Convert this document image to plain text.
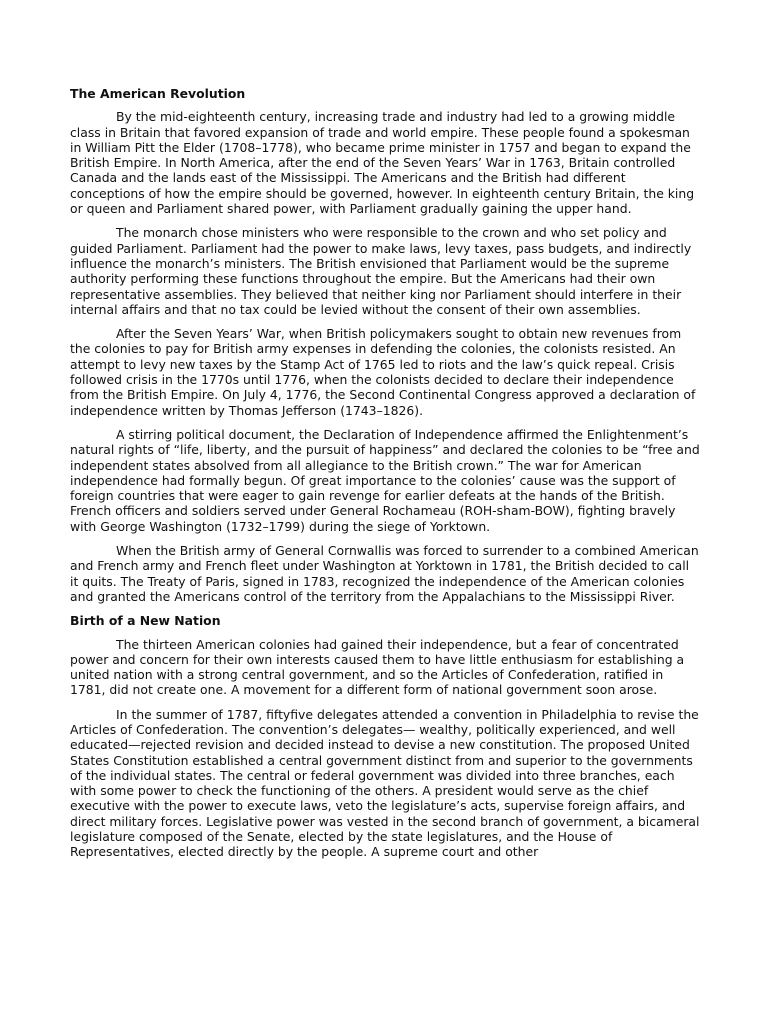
The American Revolution

By the mid-eighteenth century, increasing trade and industry had led to a growing middle class in Britain that favored expansion of trade and world empire. These people found a spokesman in William Pitt the Elder (1708–1778), who became prime minister in 1757 and began to expand the British Empire. In North America, after the end of the Seven Years’ War in 1763, Britain controlled Canada and the lands east of the Mississippi. The Americans and the British had different conceptions of how the empire should be governed, however. In eighteenth century Britain, the king or queen and Parliament shared power, with Parliament gradually gaining the upper hand.

The monarch chose ministers who were responsible to the crown and who set policy and guided Parliament. Parliament had the power to make laws, levy taxes, pass budgets, and indirectly influence the monarch’s ministers. The British envisioned that Parliament would be the supreme authority performing these functions throughout the empire. But the Americans had their own representative assemblies. They believed that neither king nor Parliament should interfere in their internal affairs and that no tax could be levied without the consent of their own assemblies.

After the Seven Years’ War, when British policymakers sought to obtain new revenues from the colonies to pay for British army expenses in defending the colonies, the colonists resisted. An attempt to levy new taxes by the Stamp Act of 1765 led to riots and the law’s quick repeal. Crisis followed crisis in the 1770s until 1776, when the colonists decided to declare their independence from the British Empire. On July 4, 1776, the Second Continental Congress approved a declaration of independence written by Thomas Jefferson (1743–1826).

A stirring political document, the Declaration of Independence affirmed the Enlightenment’s natural rights of “life, liberty, and the pursuit of happiness” and declared the colonies to be “free and independent states absolved from all allegiance to the British crown.” The war for American independence had formally begun. Of great importance to the colonies’ cause was the support of foreign countries that were eager to gain revenge for earlier defeats at the hands of the British. French officers and soldiers served under General Rochameau (ROH-sham-BOW), fighting bravely with George Washington (1732–1799) during the siege of Yorktown.

When the British army of General Cornwallis was forced to surrender to a combined American and French army and French fleet under Washington at Yorktown in 1781, the British decided to call it quits. The Treaty of Paris, signed in 1783, recognized the independence of the American colonies and granted the Americans control of the territory from the Appalachians to the Mississippi River.

Birth of a New Nation

The thirteen American colonies had gained their independence, but a fear of concentrated power and concern for their own interests caused them to have little enthusiasm for establishing a united nation with a strong central government, and so the Articles of Confederation, ratified in 1781, did not create one. A movement for a different form of national government soon arose.

In the summer of 1787, fiftyfive delegates attended a convention in Philadelphia to revise the Articles of Confederation. The convention’s delegates— wealthy, politically experienced, and well educated—rejected revision and decided instead to devise a new constitution. The proposed United States Constitution established a central government distinct from and superior to the governments of the individual states. The central or federal government was divided into three branches, each with some power to check the functioning of the others. A president would serve as the chief executive with the power to execute laws, veto the legislature’s acts, supervise foreign affairs, and direct military forces. Legislative power was vested in the second branch of government, a bicameral legislature composed of the Senate, elected by the state legislatures, and the House of Representatives, elected directly by the people. A supreme court and other
